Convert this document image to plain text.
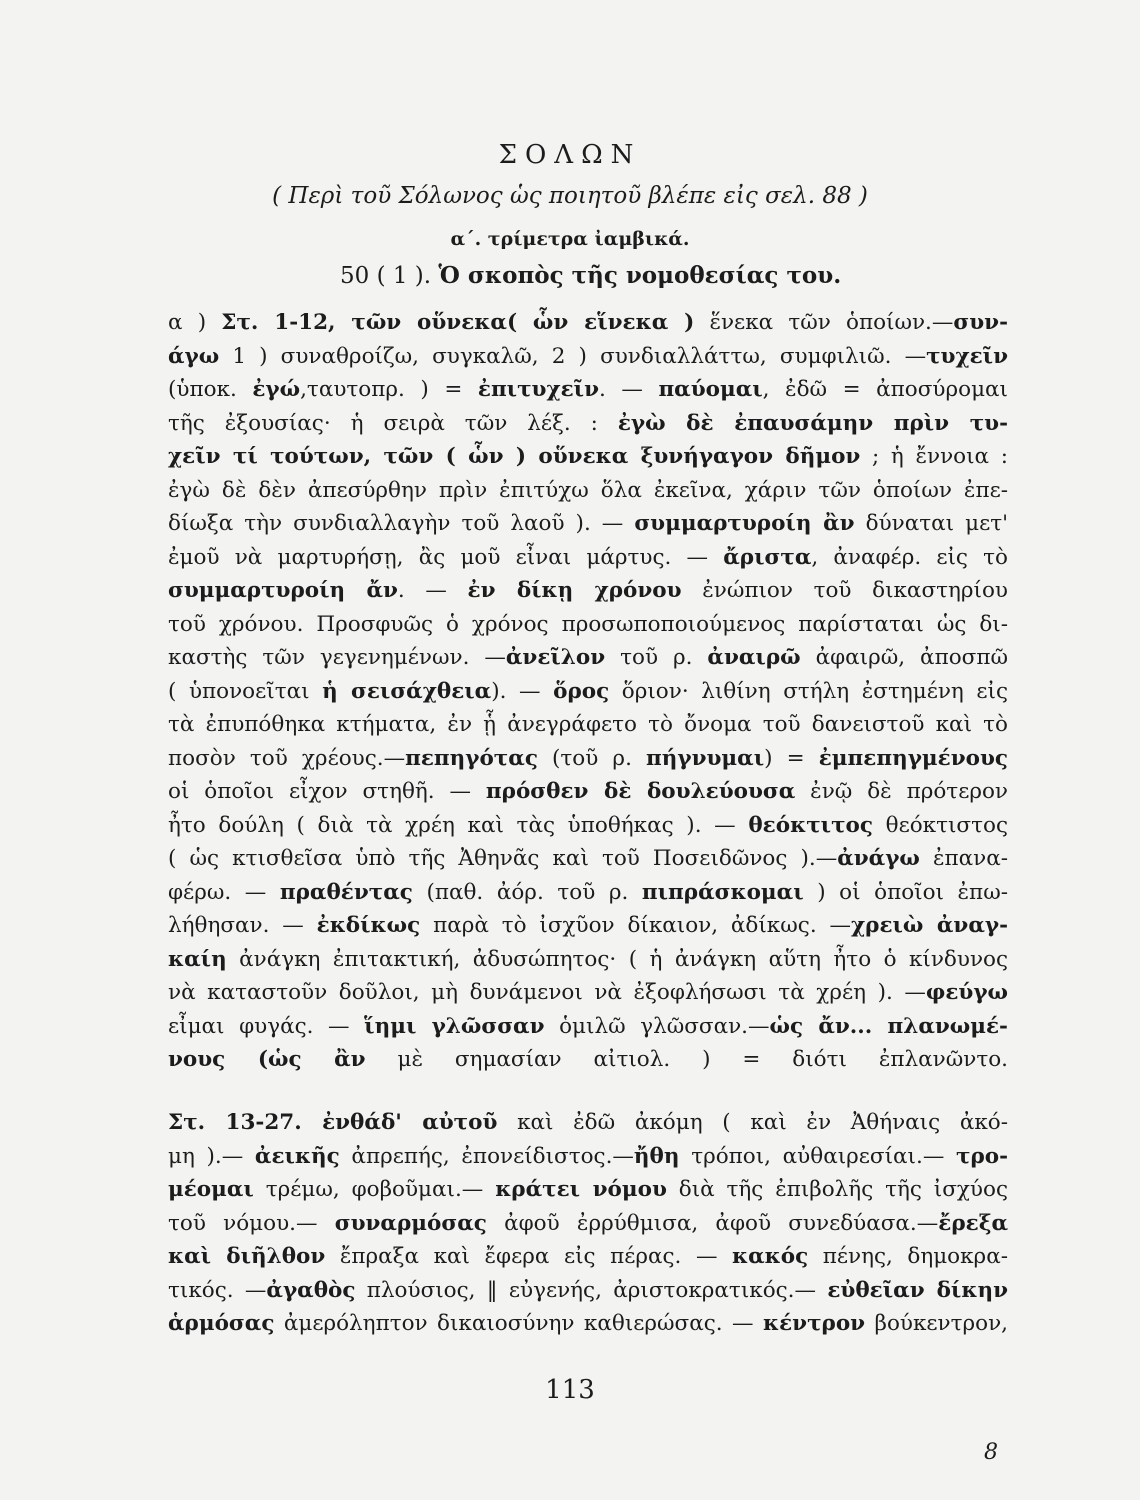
ΣΟΛΩΝ
( Περὶ τοῦ Σόλωνος ὡς ποιητοῦ βλέπε εἰς σελ. 88 )
α΄. τρίμετρα ἰαμβικά.
50 ( 1 ). Ὁ σκοπὸς τῆς νομοθεσίας του.
α ) Στ. 1-12, τῶν οὕνεκα( ὧν εἵνεκα ) ἕνεκα τῶν ὁποίων.—συν-
άγω 1 ) συναθροίζω, συγκαλῶ, 2 ) συνδιαλλάττω, συμφιλιῶ. —τυχεῖν
(ὑποκ. ἐγώ,ταυτοπρ. ) = ἐπιτυχεῖν. — παύομαι, ἐδῶ = ἀποσύρομαι
τῆς ἐξουσίας· ἡ σειρὰ τῶν λέξ. : ἐγὼ δὲ ἐπαυσάμην πρὶν τυ-
χεῖν τί τούτων, τῶν ( ὧν ) οὕνεκα ξυνήγαγον δῆμον ; ἡ ἔννοια :
ἐγὼ δὲ δὲν ἀπεσύρθην πρὶν ἐπιτύχω ὅλα ἐκεῖνα, χάριν τῶν ὁποίων ἐπε-
δίωξα τὴν συνδιαλλαγὴν τοῦ λαοῦ ). — συμμαρτυροίη ἂν δύναται μετ'
ἐμοῦ νὰ μαρτυρήσῃ, ἂς μοῦ εἶναι μάρτυς. — ἄριστα, ἀναφέρ. εἰς τὸ
συμμαρτυροίη ἄν. — ἐν δίκῃ χρόνου ἐνώπιον τοῦ δικαστηρίου
τοῦ χρόνου. Προσφυῶς ὁ χρόνος προσωποποιούμενος παρίσταται ὡς δι-
καστὴς τῶν γεγενημένων. —ἀνεῖλον τοῦ ρ. ἀναιρῶ ἀφαιρῶ, ἀποσπῶ
( ὑπονοεῖται ἡ σεισάχθεια). — ὅρος ὅριον· λιθίνη στήλη ἐστημένη εἰς
τὰ ἐπυπόθηκα κτήματα, ἐν ᾗ ἀνεγράφετο τὸ ὄνομα τοῦ δανειστοῦ καὶ τὸ
ποσὸν τοῦ χρέους.—πεπηγότας (τοῦ ρ. πήγνυμαι) = ἐμπεπηγμένους
οἱ ὁποῖοι εἶχον στηθῆ. — πρόσθεν δὲ δουλεύουσα ἐνῷ δὲ πρότερον
ἦτο δούλη ( διὰ τὰ χρέη καὶ τὰς ὑποθήκας ). — θεόκτιτος θεόκτιστος
( ὡς κτισθεῖσα ὑπὸ τῆς Ἀθηνᾶς καὶ τοῦ Ποσειδῶνος ).—ἀνάγω ἐπανα-
φέρω. — πραθέντας (παθ. ἀόρ. τοῦ ρ. πιπράσκομαι ) οἱ ὁποῖοι ἐπω-
λήθησαν. — ἐκδίκως παρὰ τὸ ἰσχῦον δίκαιον, ἀδίκως. —χρειὼ ἀναγ-
καίη ἀνάγκη ἐπιτακτική, ἀδυσώπητος· ( ἡ ἀνάγκη αὕτη ἦτο ὁ κίνδυνος
νὰ καταστοῦν δοῦλοι, μὴ δυνάμενοι νὰ ἐξοφλήσωσι τὰ χρέη ). —φεύγω
εἶμαι φυγάς. — ἵημι γλῶσσαν ὁμιλῶ γλῶσσαν.—ὡς ἄν... πλανωμέ-
νους (ὡς ἂν μὲ σημασίαν αἰτιολ. ) = διότι ἐπλανῶντο.
Στ. 13-27. ἐνθάδ' αὐτοῦ καὶ ἐδῶ ἀκόμη ( καὶ ἐν Ἀθήναις ἀκό-
μη ).— ἀεικῆς ἀπρεπής, ἐπονείδιστος.—ἤθη τρόποι, αὐθαιρεσίαι.— τρο-
μέομαι τρέμω, φοβοῦμαι.— κράτει νόμου διὰ τῆς ἐπιβολῆς τῆς ἰσχύος
τοῦ νόμου.— συναρμόσας ἀφοῦ ἐρρύθμισα, ἀφοῦ συνεδύασα.—ἔρεξα
καὶ διῆλθον ἔπραξα καὶ ἔφερα εἰς πέρας. — κακός πένης, δημοκρα-
τικός. —ἀγαθὸς πλούσιος, ‖ εὐγενής, ἀριστοκρατικός.— εὐθεῖαν δίκην
ἁρμόσας ἀμερόληπτον δικαιοσύνην καθιερώσας. — κέντρον βούκεντρον,
113
8
